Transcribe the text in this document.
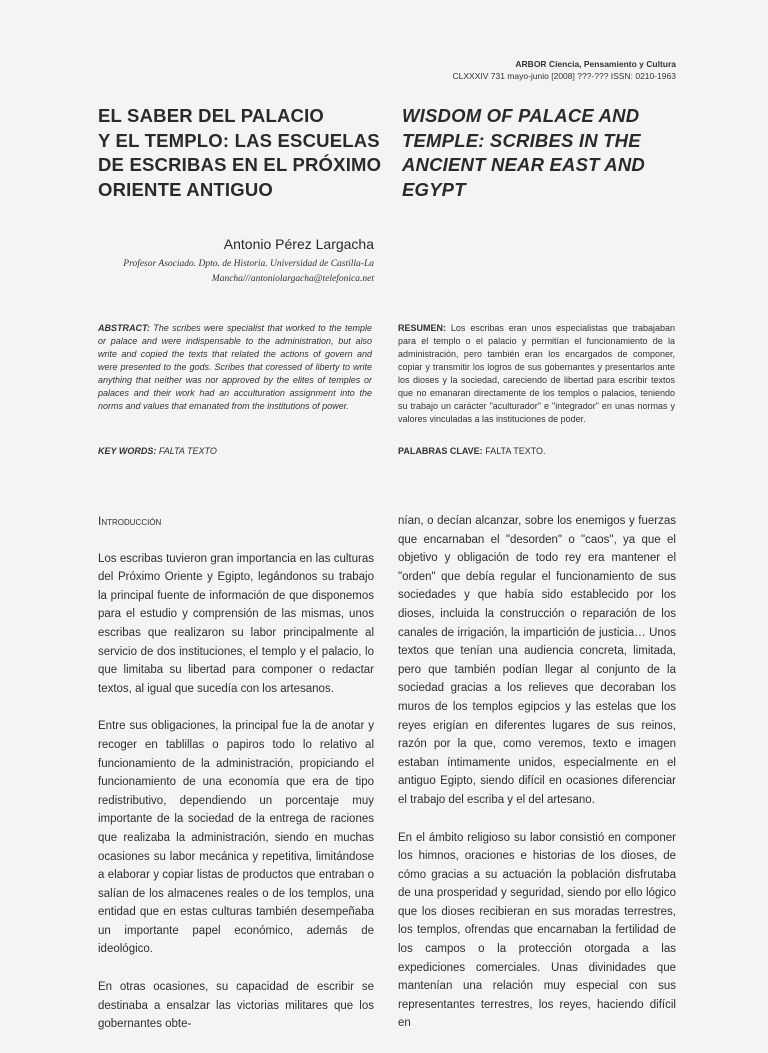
ARBOR Ciencia, Pensamiento y Cultura
CLXXXIV 731 mayo-junio [2008] ???-??? ISSN: 0210-1963
EL SABER DEL PALACIO
Y EL TEMPLO: LAS ESCUELAS
DE ESCRIBAS EN EL PRÓXIMO
ORIENTE ANTIGUO
WISDOM OF PALACE AND
TEMPLE: SCRIBES IN THE
ANCIENT NEAR EAST AND
EGYPT
Antonio Pérez Largacha
Profesor Asociado. Dpto. de Historia. Universidad de Castilla-La Mancha///antoniolargacha@telefonica.net
ABSTRACT: The scribes were specialist that worked to the temple or palace and were indispensable to the administration, but also write and copied the texts that related the actions of govern and were presented to the gods. Scribes that coressed of liberty to write anything that neither was nor approved by the elites of temples or palaces and their work had an acculturation assignment into the norms and values that emanated from the institutions of power.
RESUMEN: Los escribas eran unos especialistas que trabajaban para el templo o el palacio y permitían el funcionamiento de la administración, pero también eran los encargados de componer, copiar y transmitir los logros de sus gobernantes y presentarlos ante los dioses y la sociedad, careciendo de libertad para escribir textos que no emanaran directamente de los templos o palacios, teniendo su trabajo un carácter "aculturador" e "integrador" en unas normas y valores vinculadas a las instituciones de poder.
KEY WORDS: FALTA TEXTO	PALABRAS CLAVE: FALTA TEXTO.
Introducción

Los escribas tuvieron gran importancia en las culturas del Próximo Oriente y Egipto, legándonos su trabajo la principal fuente de información de que disponemos para el estudio y comprensión de las mismas, unos escribas que realizaron su labor principalmente al servicio de dos instituciones, el templo y el palacio, lo que limitaba su libertad para componer o redactar textos, al igual que sucedía con los artesanos.

Entre sus obligaciones, la principal fue la de anotar y recoger en tablillas o papiros todo lo relativo al funcionamiento de la administración, propiciando el funcionamiento de una economía que era de tipo redistributivo, dependiendo un porcentaje muy importante de la sociedad de la entrega de raciones que realizaba la administración, siendo en muchas ocasiones su labor mecánica y repetitiva, limitándose a elaborar y copiar listas de productos que entraban o salían de los almacenes reales o de los templos, una entidad que en estas culturas también desempeñaba un importante papel económico, además de ideológico.

En otras ocasiones, su capacidad de escribir se destinaba a ensalzar las victorias militares que los gobernantes obte-

nían, o decían alcanzar, sobre los enemigos y fuerzas que encarnaban el "desorden" o "caos", ya que el objetivo y obligación de todo rey era mantener el "orden" que debía regular el funcionamiento de sus sociedades y que había sido establecido por los dioses, incluida la construcción o reparación de los canales de irrigación, la impartición de justicia… Unos textos que tenían una audiencia concreta, limitada, pero que también podían llegar al conjunto de la sociedad gracias a los relieves que decoraban los muros de los templos egipcios y las estelas que los reyes erigían en diferentes lugares de sus reinos, razón por la que, como veremos, texto e imagen estaban íntimamente unidos, especialmente en el antiguo Egipto, siendo difícil en ocasiones diferenciar el trabajo del escriba y el del artesano.

En el ámbito religioso su labor consistió en componer los himnos, oraciones e historias de los dioses, de cómo gracias a su actuación la población disfrutaba de una prosperidad y seguridad, siendo por ello lógico que los dioses recibieran en sus moradas terrestres, los templos, ofrendas que encarnaban la fertilidad de los campos o la protección otorgada a las expediciones comerciales. Unas divinidades que mantenían una relación muy especial con sus representantes terrestres, los reyes, haciendo difícil en
